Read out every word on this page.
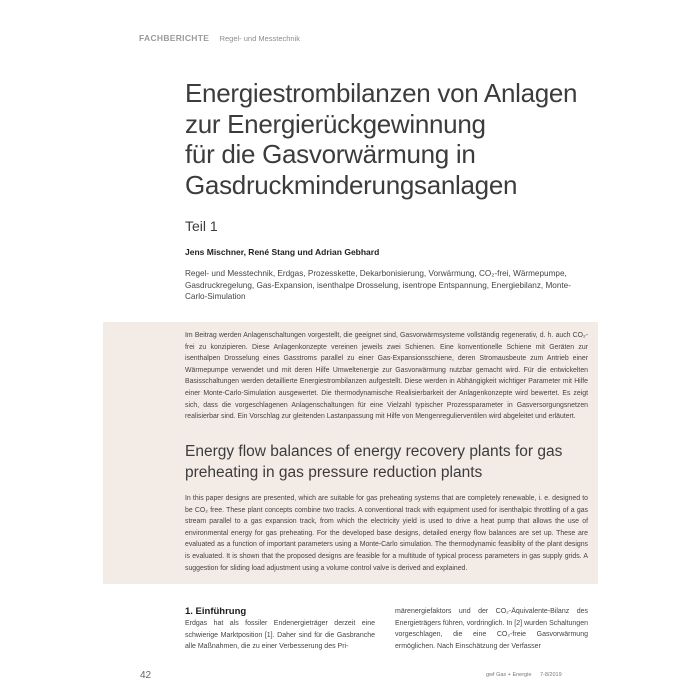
FACHBERICHTE Regel- und Messtechnik
Energiestrombilanzen von Anlagen
zur Energierückgewinnung
für die Gasvorwärmung in
Gasdruckminderungsanlagen
Teil 1
Jens Mischner, René Stang und Adrian Gebhard
Regel- und Messtechnik, Erdgas, Prozesskette, Dekarbonisierung, Vorwärmung, CO₂-frei, Wärmepumpe, Gasdruckregelung, Gas-Expansion, isenthalpe Drosselung, isentrope Entspannung, Energiebilanz, Monte-Carlo-Simulation
Im Beitrag werden Anlagenschaltungen vorgestellt, die geeignet sind, Gasvorwärmsysteme vollständig regenerativ, d. h. auch CO₂-frei zu konzipieren. Diese Anlagenkonzepte vereinen jeweils zwei Schienen. Eine konventionelle Schiene mit Geräten zur isenthalpen Drosselung eines Gasstroms parallel zu einer Gas-Expansionsschiene, deren Stromausbeute zum Antrieb einer Wärmepumpe verwendet und mit deren Hilfe Umweltenergie zur Gasvorwärmung nutzbar gemacht wird. Für die entwickelten Basisschaltungen werden detaillierte Energiestrombilanzen aufgestellt. Diese werden in Abhängigkeit wichtiger Parameter mit Hilfe einer Monte-Carlo-Simulation ausgewertet. Die thermodynamische Realisierbarkeit der Anlagenkonzepte wird bewertet. Es zeigt sich, dass die vorgeschlagenen Anlagenschaltungen für eine Vielzahl typischer Prozessparameter in Gasversorgungsnetzen realisierbar sind. Ein Vorschlag zur gleitenden Lastanpassung mit Hilfe von Mengenregulierventilen wird abgeleitet und erläutert.
Energy flow balances of energy recovery plants for gas preheating in gas pressure reduction plants
In this paper designs are presented, which are suitable for gas preheating systems that are completely renewable, i. e. designed to be CO₂ free. These plant concepts combine two tracks. A conventional track with equipment used for isenthalpic throttling of a gas stream parallel to a gas expansion track, from which the electricity yield is used to drive a heat pump that allows the use of environmental energy for gas preheating. For the developed base designs, detailed energy flow balances are set up. These are evaluated as a function of important parameters using a Monte-Carlo simulation. The thermodynamic feasiblity of the plant designs is evaluated. It is shown that the proposed designs are feasible for a multitude of typical process parameters in gas supply grids. A suggestion for sliding load adjustment using a volume control valve is derived and explained.
1. Einführung
Erdgas hat als fossiler Endenergieträger derzeit eine schwierige Marktposition [1]. Daher sind für die Gasbranche alle Maßnahmen, die zu einer Verbesserung des Pri-
märenergiefaktors und der CO₂-Äquivalente-Bilanz des Energieträgers führen, vordringlich. In [2] wurden Schaltungen vorgeschlagen, die eine CO₂-freie Gasvorwärmung ermöglichen. Nach Einschätzung der Verfasser
42	gwf Gas + Energie 7-8/2019
